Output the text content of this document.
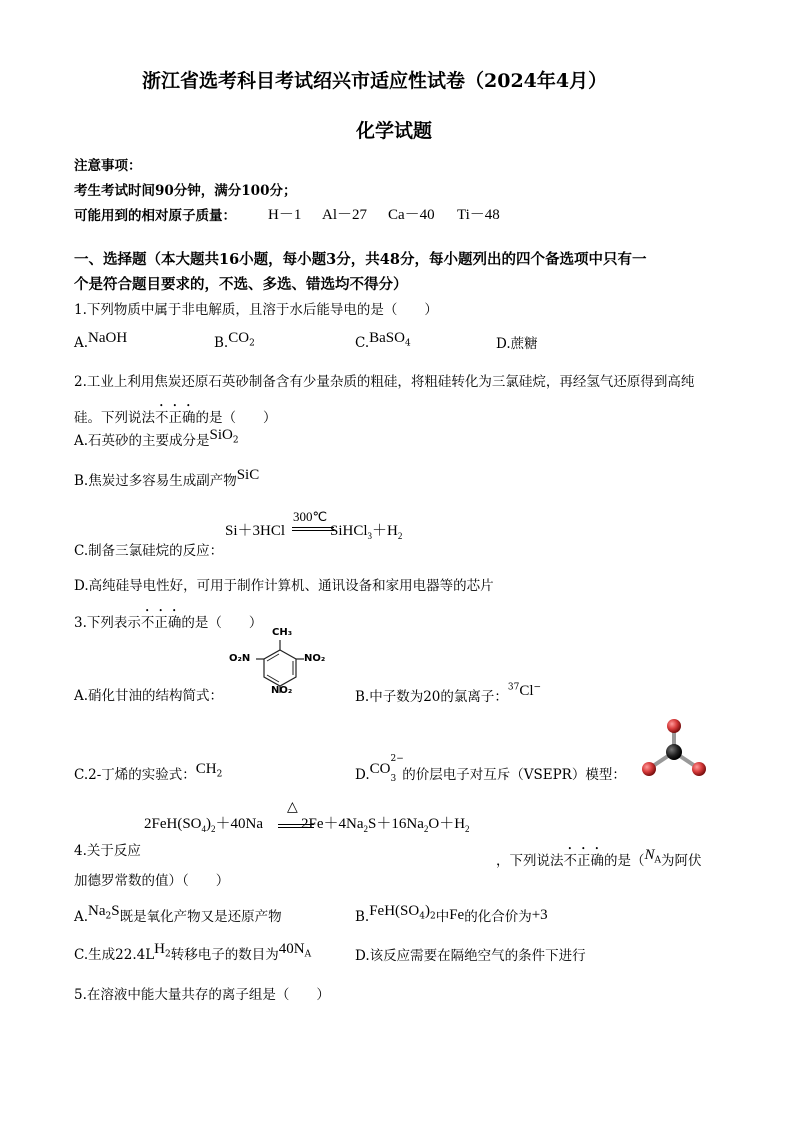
浙江省选考科目考试绍兴市适应性试卷（2024年4月）
化学试题
注意事项：
考生考试时间90分钟，满分100分；
可能用到的相对原子质量： H－1 Al－27 Ca－40 Ti－48
一、选择题（本大题共16小题，每小题3分，共48分，每小题列出的四个备选项中只有一
个是符合题目要求的，不选、多选、错选均不得分）
1.下列物质中属于非电解质，且溶于水后能导电的是（　　）
A.NaOH	$B.CO_2$	C.BaSO$_4$	D.蔗糖
2.工业上利用焦炭还原石英砂制备含有少量杂质的粗硅，将粗硅转化为三氯硅烷，再经氢气还原得到高纯
硅。下列说法不正确的是（　　）
A.石英砂的主要成分是SiO$_2$
B.焦炭过多容易生成副产物SiC
C.制备三氯硅烷的反应：
Si＋3HCl	$SiHCl_3+H_2$
300℃
D.高纯硅导电性好，可用于制作计算机、通讯设备和家用电器等的芯片
3.下列表示不正确的是（　　）
CH₃
O₂N	NO₂
NO₂
A.硝化甘油的结构简式：	B.中子数为20的氯离子：$^{37}$Cl−
C.2-丁烯的实验式：$CH_2$	D.CO
2−
$_3$ 的价层电子对互斥（VSEPR）模型：
$2FeH(SO_4)_2+40Na$	$2Fe+4Na_2S+16Na_2O+H_2$
△
4.关于反应
，下列说法不正确的是（$N_A$为阿伏
加德罗常数的值）（　　）
$A.Na_2S$既是氧化产物又是还原产物	$B.FeH(SO_4)_2$中Fe的化合价为+3
C.生成$22.4LH_2$转移电子的数目为$40N_A$	D.该反应需要在隔绝空气的条件下进行
5.在溶液中能大量共存的离子组是（　　）
